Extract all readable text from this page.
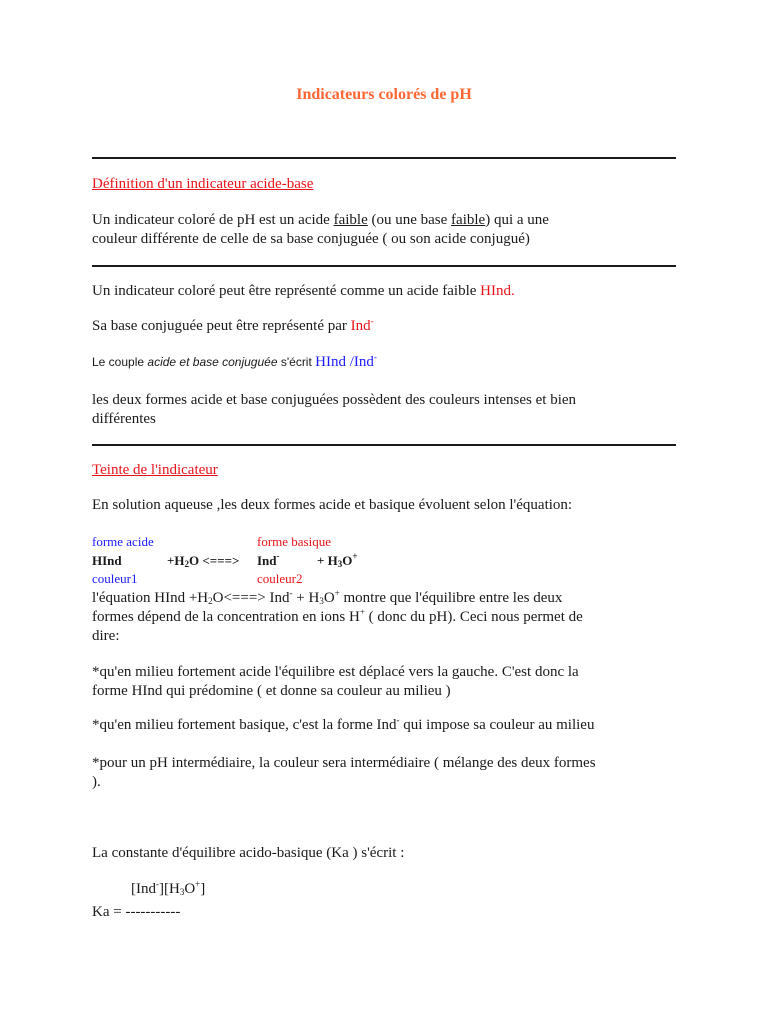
Indicateurs colorés de pH
Définition d'un indicateur acide-base
Un indicateur coloré de pH est un acide faible (ou une base faible) qui a une
couleur différente de celle de sa base conjuguée ( ou son acide conjugué)
Un indicateur coloré peut être représenté comme un acide faible HInd.
Sa base conjuguée peut être représenté par Ind-
Le couple acide et base conjuguée s'écrit HInd /Ind-
les deux formes acide et base conjuguées possèdent des couleurs intenses et bien
différentes
Teinte de l'indicateur
En solution aqueuse ,les deux formes acide et basique évoluent selon l'équation:
forme acide	forme basique
HInd	$+H_2O$ <===> Ind-	+ $H_3O^+$
couleur1	couleur2
l'équation HInd $+H_2O<===> Ind^- + H_3O^+$ montre que l'équilibre entre les deux
formes dépend de la concentration en ions H+ ( donc du pH). Ceci nous permet de
dire:
*qu'en milieu fortement acide l'équilibre est déplacé vers la gauche. C'est donc la
forme HInd qui prédomine ( et donne sa couleur au milieu )
*qu'en milieu fortement basique, c'est la forme Ind- qui impose sa couleur au milieu
*pour un pH intermédiaire, la couleur sera intermédiaire ( mélange des deux formes
).
La constante d'équilibre acido-basique (Ka ) s'écrit :
$[Ind^-][H_3O^+]$
Ka = -----------
